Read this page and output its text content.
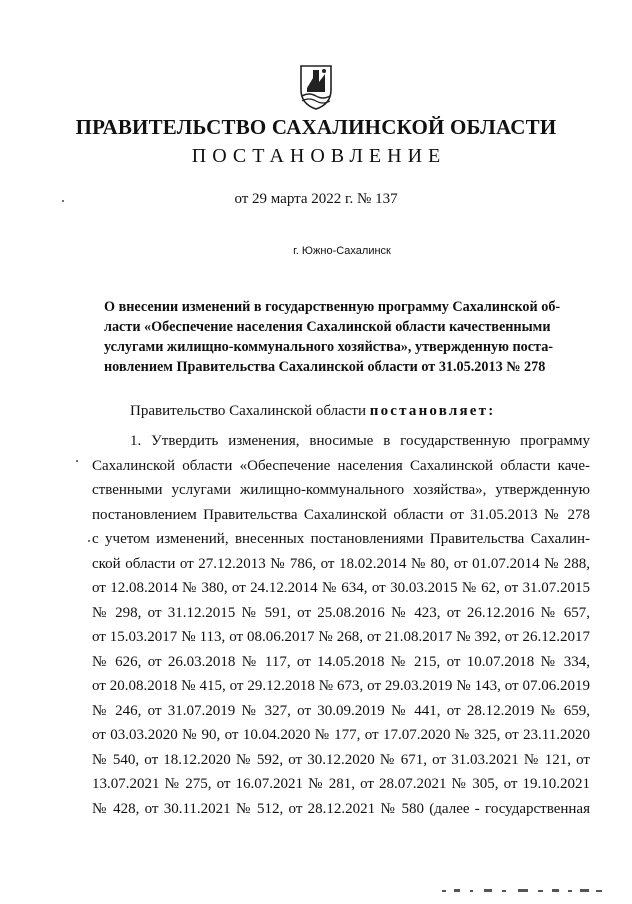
ПРАВИТЕЛЬСТВО САХАЛИНСКОЙ ОБЛАСТИ
ПОСТАНОВЛЕНИЕ
от 29 марта 2022 г. № 137
г. Южно-Сахалинск
О внесении изменений в государственную программу Сахалинской об-
ласти «Обеспечение населения Сахалинской области качественными
услугами жилищно-коммунального хозяйства», утвержденную поста-
новлением Правительства Сахалинской области от 31.05.2013 № 278
Правительство Сахалинской области постановляет:
1. Утвердить изменения, вносимые в государственную программу
Сахалинской области «Обеспечение населения Сахалинской области каче-
ственными услугами жилищно-коммунального хозяйства», утвержденную
постановлением Правительства Сахалинской области от 31.05.2013 № 278
с учетом изменений, внесенных постановлениями Правительства Сахалин-
ской области от 27.12.2013 № 786, от 18.02.2014 № 80, от 01.07.2014 № 288,
от 12.08.2014 № 380, от 24.12.2014 № 634, от 30.03.2015 № 62, от 31.07.2015
№ 298, от 31.12.2015 № 591, от 25.08.2016 № 423, от 26.12.2016 № 657,
от 15.03.2017 № 113, от 08.06.2017 № 268, от 21.08.2017 № 392, от 26.12.2017
№ 626, от 26.03.2018 № 117, от 14.05.2018 № 215, от 10.07.2018 № 334,
от 20.08.2018 № 415, от 29.12.2018 № 673, от 29.03.2019 № 143, от 07.06.2019
№ 246, от 31.07.2019 № 327, от 30.09.2019 № 441, от 28.12.2019 № 659,
от 03.03.2020 № 90, от 10.04.2020 № 177, от 17.07.2020 № 325, от 23.11.2020
№ 540, от 18.12.2020 № 592, от 30.12.2020 № 671, от 31.03.2021 № 121, от
13.07.2021 № 275, от 16.07.2021 № 281, от 28.07.2021 № 305, от 19.10.2021
№ 428, от 30.11.2021 № 512, от 28.12.2021 № 580 (далее - государственная
